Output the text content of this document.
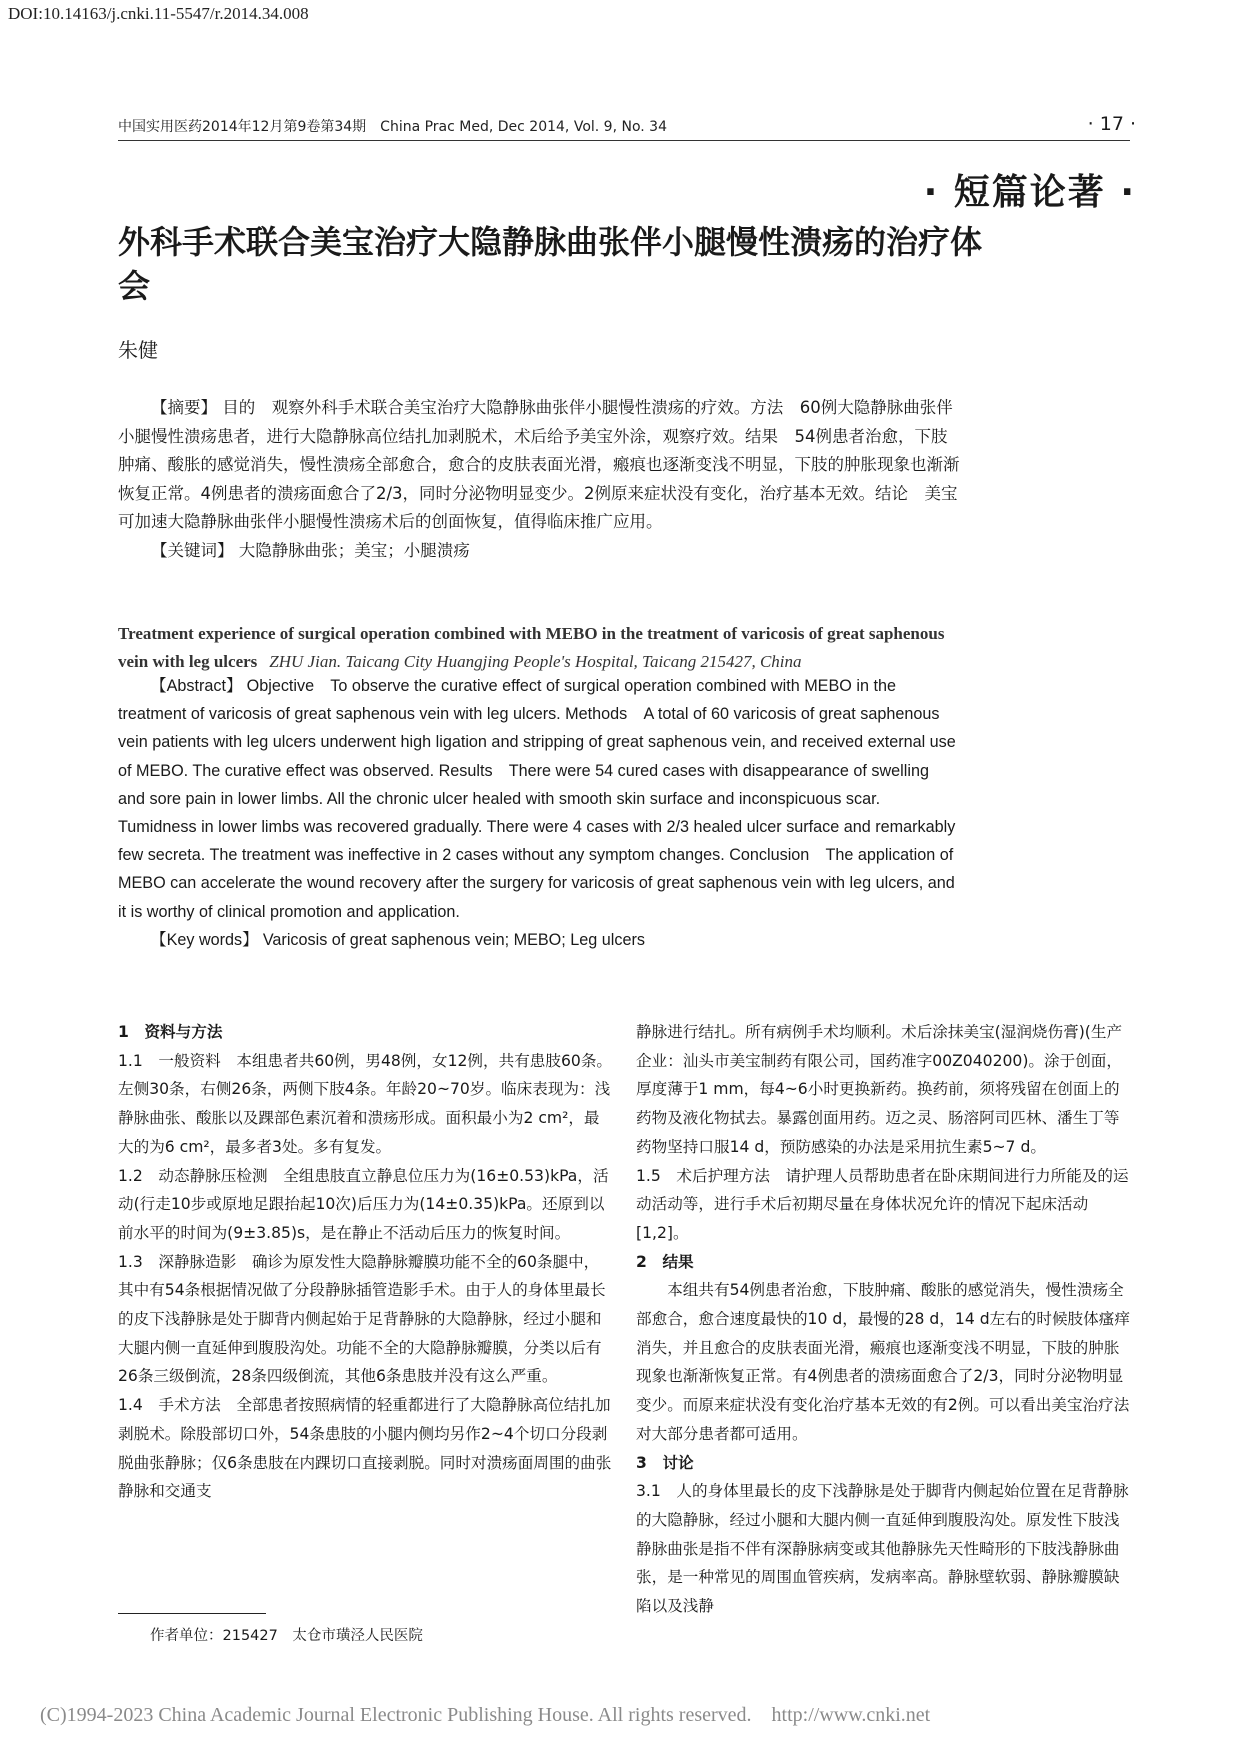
DOI:10.14163/j.cnki.11-5547/r.2014.34.008
中国实用医药2014年12月第9卷第34期　China Prac Med, Dec 2014, Vol. 9, No. 34	· 17 ·
· 短篇论著 ·
外科手术联合美宝治疗大隐静脉曲张伴小腿慢性溃疡的治疗体会
朱健

【摘要】 目的　观察外科手术联合美宝治疗大隐静脉曲张伴小腿慢性溃疡的疗效。方法　60例大隐静脉曲张伴小腿慢性溃疡患者，进行大隐静脉高位结扎加剥脱术，术后给予美宝外涂，观察疗效。结果　54例患者治愈，下肢肿痛、酸胀的感觉消失，慢性溃疡全部愈合，愈合的皮肤表面光滑，瘢痕也逐渐变浅不明显，下肢的肿胀现象也渐渐恢复正常。4例患者的溃疡面愈合了2/3，同时分泌物明显变少。2例原来症状没有变化，治疗基本无效。结论　美宝可加速大隐静脉曲张伴小腿慢性溃疡术后的创面恢复，值得临床推广应用。

【关键词】 大隐静脉曲张；美宝；小腿溃疡

Treatment experience of surgical operation combined with MEBO in the treatment of varicosis of great saphenous vein with leg ulcers ZHU Jian. Taicang City Huangjing People's Hospital, Taicang 215427, China

【Abstract】 Objective　To observe the curative effect of surgical operation combined with MEBO in the treatment of varicosis of great saphenous vein with leg ulcers. Methods　A total of 60 varicosis of great saphenous vein patients with leg ulcers underwent high ligation and stripping of great saphenous vein, and received external use of MEBO. The curative effect was observed. Results　There were 54 cured cases with disappearance of swelling and sore pain in lower limbs. All the chronic ulcer healed with smooth skin surface and inconspicuous scar. Tumidness in lower limbs was recovered gradually. There were 4 cases with 2/3 healed ulcer surface and remarkably few secreta. The treatment was ineffective in 2 cases without any symptom changes. Conclusion　The application of MEBO can accelerate the wound recovery after the surgery for varicosis of great saphenous vein with leg ulcers, and it is worthy of clinical promotion and application.

【Key words】 Varicosis of great saphenous vein; MEBO; Leg ulcers

1　资料与方法

1.1　一般资料　本组患者共60例，男48例，女12例，共有患肢60条。左侧30条，右侧26条，两侧下肢4条。年龄20~70岁。临床表现为：浅静脉曲张、酸胀以及踝部色素沉着和溃疡形成。面积最小为2 cm²，最大的为6 cm²，最多者3处。多有复发。

1.2　动态静脉压检测　全组患肢直立静息位压力为(16±0.53)kPa，活动(行走10步或原地足跟抬起10次)后压力为(14±0.35)kPa。还原到以前水平的时间为(9±3.85)s，是在静止不活动后压力的恢复时间。

1.3　深静脉造影　确诊为原发性大隐静脉瓣膜功能不全的60条腿中，其中有54条根据情况做了分段静脉插管造影手术。由于人的身体里最长的皮下浅静脉是处于脚背内侧起始于足背静脉的大隐静脉，经过小腿和大腿内侧一直延伸到腹股沟处。功能不全的大隐静脉瓣膜，分类以后有26条三级倒流，28条四级倒流，其他6条患肢并没有这么严重。

1.4　手术方法　全部患者按照病情的轻重都进行了大隐静脉高位结扎加剥脱术。除股部切口外，54条患肢的小腿内侧均另作2~4个切口分段剥脱曲张静脉；仅6条患肢在内踝切口直接剥脱。同时对溃疡面周围的曲张静脉和交通支

静脉进行结扎。所有病例手术均顺利。术后涂抹美宝(湿润烧伤膏)(生产企业：汕头市美宝制药有限公司，国药准字00Z040200)。涂于创面，厚度薄于1 mm，每4~6小时更换新药。换药前，须将残留在创面上的药物及液化物拭去。暴露创面用药。迈之灵、肠溶阿司匹林、潘生丁等药物坚持口服14 d，预防感染的办法是采用抗生素5~7 d。

1.5　术后护理方法　请护理人员帮助患者在卧床期间进行力所能及的运动活动等，进行手术后初期尽量在身体状况允许的情况下起床活动[1,2]。

2　结果

本组共有54例患者治愈，下肢肿痛、酸胀的感觉消失，慢性溃疡全部愈合，愈合速度最快的10 d，最慢的28 d，14 d左右的时候肢体瘙痒消失，并且愈合的皮肤表面光滑，瘢痕也逐渐变浅不明显，下肢的肿胀现象也渐渐恢复正常。有4例患者的溃疡面愈合了2/3，同时分泌物明显变少。而原来症状没有变化治疗基本无效的有2例。可以看出美宝治疗法对大部分患者都可适用。

3　讨论

3.1　人的身体里最长的皮下浅静脉是处于脚背内侧起始位置在足背静脉的大隐静脉，经过小腿和大腿内侧一直延伸到腹股沟处。原发性下肢浅静脉曲张是指不伴有深静脉病变或其他静脉先天性畸形的下肢浅静脉曲张，是一种常见的周围血管疾病，发病率高。静脉壁软弱、静脉瓣膜缺陷以及浅静

作者单位：215427　太仓市璜泾人民医院
(C)1994-2023 China Academic Journal Electronic Publishing House. All rights reserved.　http://www.cnki.net
